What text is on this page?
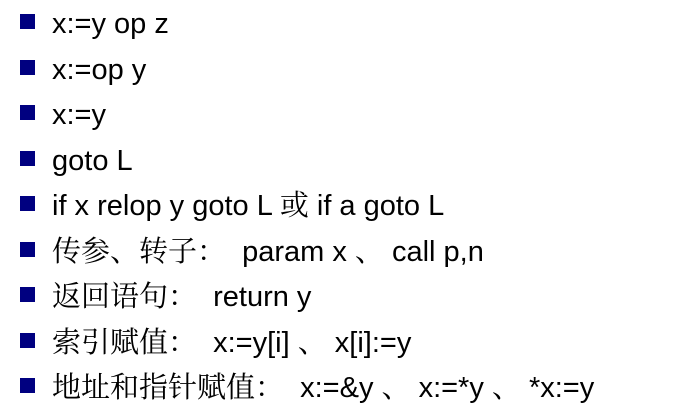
x:=y op z
x:=op y
x:=y
goto L
if x relop y goto L 或 if a goto L
传参、转子：  param x 、 call p,n
返回语句：  return y
索引赋值：  x:=y[i] 、 x[i]:=y
地址和指针赋值：  x:=&y 、 x:=*y 、 *x:=y
